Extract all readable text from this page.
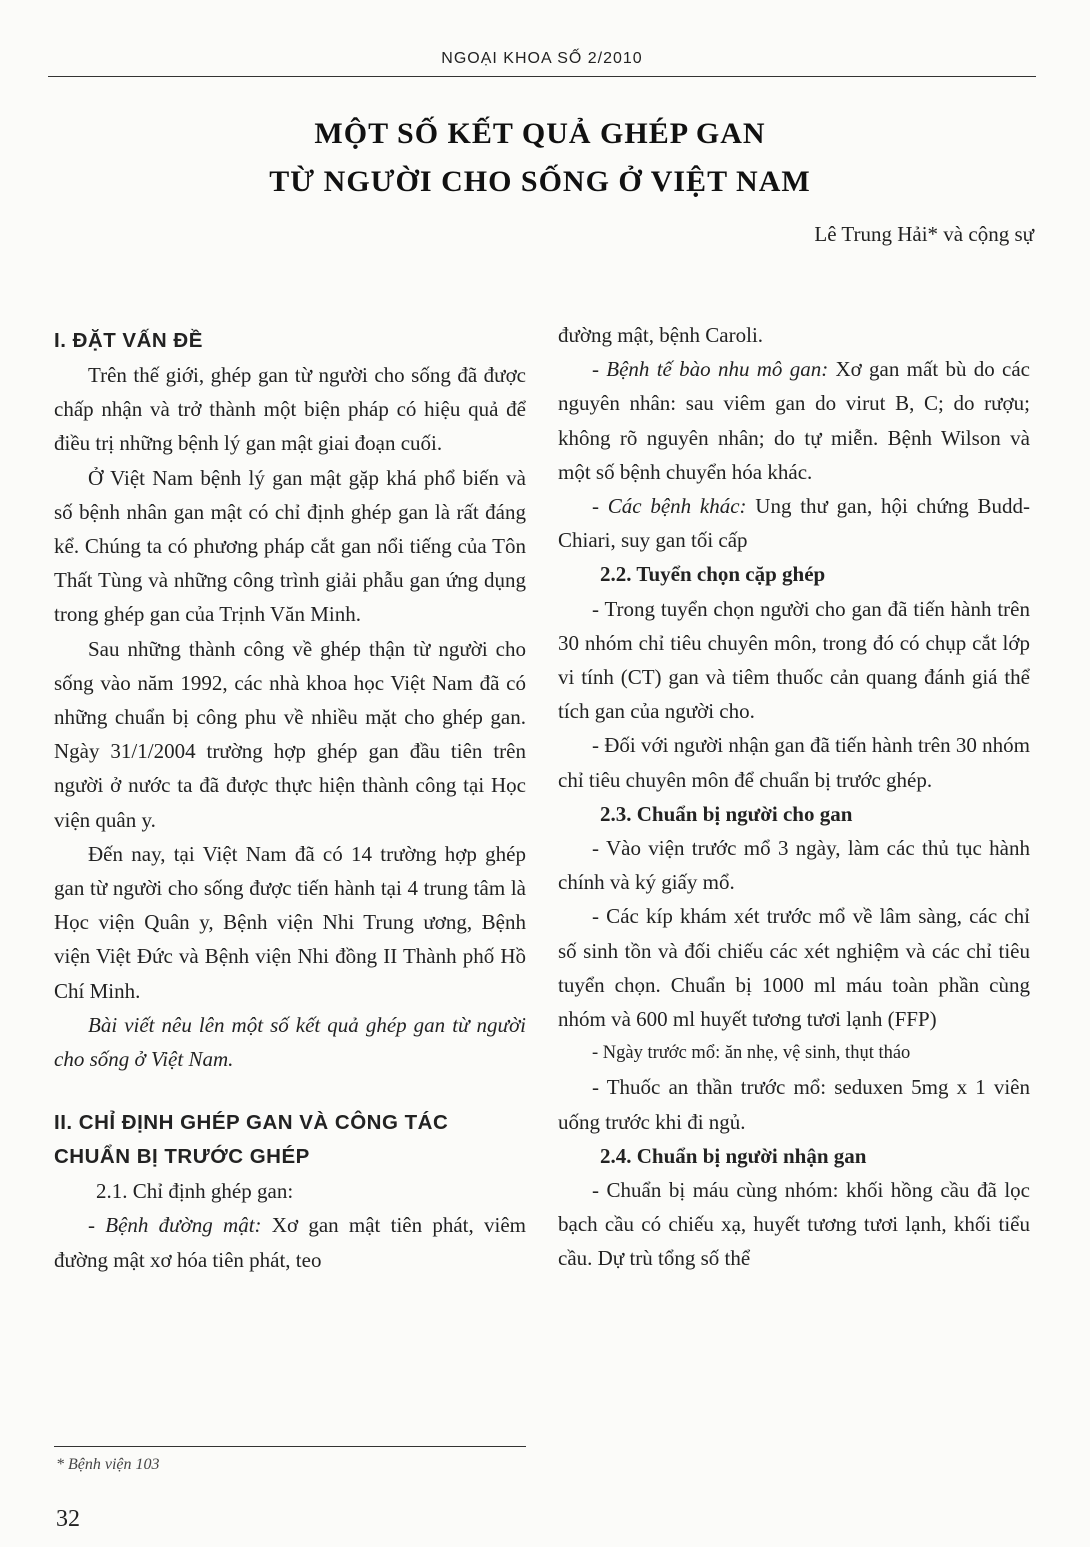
NGOẠI KHOA SỐ 2/2010
MỘT SỐ KẾT QUẢ GHÉP GAN
TỪ NGƯỜI CHO SỐNG Ở VIỆT NAM
Lê Trung Hải* và cộng sự
I. ĐẶT VẤN ĐỀ

Trên thế giới, ghép gan từ người cho sống đã được chấp nhận và trở thành một biện pháp có hiệu quả để điều trị những bệnh lý gan mật giai đoạn cuối.

Ở Việt Nam bệnh lý gan mật gặp khá phổ biến và số bệnh nhân gan mật có chỉ định ghép gan là rất đáng kể. Chúng ta có phương pháp cắt gan nổi tiếng của Tôn Thất Tùng và những công trình giải phẫu gan ứng dụng trong ghép gan của Trịnh Văn Minh.

Sau những thành công về ghép thận từ người cho sống vào năm 1992, các nhà khoa học Việt Nam đã có những chuẩn bị công phu về nhiều mặt cho ghép gan. Ngày 31/1/2004 trường hợp ghép gan đầu tiên trên người ở nước ta đã được thực hiện thành công tại Học viện quân y.

Đến nay, tại Việt Nam đã có 14 trường hợp ghép gan từ người cho sống được tiến hành tại 4 trung tâm là Học viện Quân y, Bệnh viện Nhi Trung ương, Bệnh viện Việt Đức và Bệnh viện Nhi đồng II Thành phố Hồ Chí Minh.

Bài viết nêu lên một số kết quả ghép gan từ người cho sống ở Việt Nam.

II. CHỈ ĐỊNH GHÉP GAN VÀ CÔNG TÁC CHUẨN BỊ TRƯỚC GHÉP
2.1. Chỉ định ghép gan:

- Bệnh đường mật: Xơ gan mật tiên phát, viêm đường mật xơ hóa tiên phát, teo

đường mật, bệnh Caroli.

- Bệnh tế bào nhu mô gan: Xơ gan mất bù do các nguyên nhân: sau viêm gan do virut B, C; do rượu; không rõ nguyên nhân; do tự miễn. Bệnh Wilson và một số bệnh chuyển hóa khác.

- Các bệnh khác: Ung thư gan, hội chứng Budd-Chiari, suy gan tối cấp

2.2. Tuyển chọn cặp ghép

- Trong tuyển chọn người cho gan đã tiến hành trên 30 nhóm chỉ tiêu chuyên môn, trong đó có chụp cắt lớp vi tính (CT) gan và tiêm thuốc cản quang đánh giá thể tích gan của người cho.

- Đối với người nhận gan đã tiến hành trên 30 nhóm chỉ tiêu chuyên môn để chuẩn bị trước ghép.

2.3. Chuẩn bị người cho gan

- Vào viện trước mổ 3 ngày, làm các thủ tục hành chính và ký giấy mổ.

- Các kíp khám xét trước mổ về lâm sàng, các chỉ số sinh tồn và đối chiếu các xét nghiệm và các chỉ tiêu tuyển chọn. Chuẩn bị 1000 ml máu toàn phần cùng nhóm và 600 ml huyết tương tươi lạnh (FFP)

- Ngày trước mổ: ăn nhẹ, vệ sinh, thụt tháo

- Thuốc an thần trước mổ: seduxen 5mg x 1 viên uống trước khi đi ngủ.

2.4. Chuẩn bị người nhận gan

- Chuẩn bị máu cùng nhóm: khối hồng cầu đã lọc bạch cầu có chiếu xạ, huyết tương tươi lạnh, khối tiểu cầu. Dự trù tổng số thể

* Bệnh viện 103
32
